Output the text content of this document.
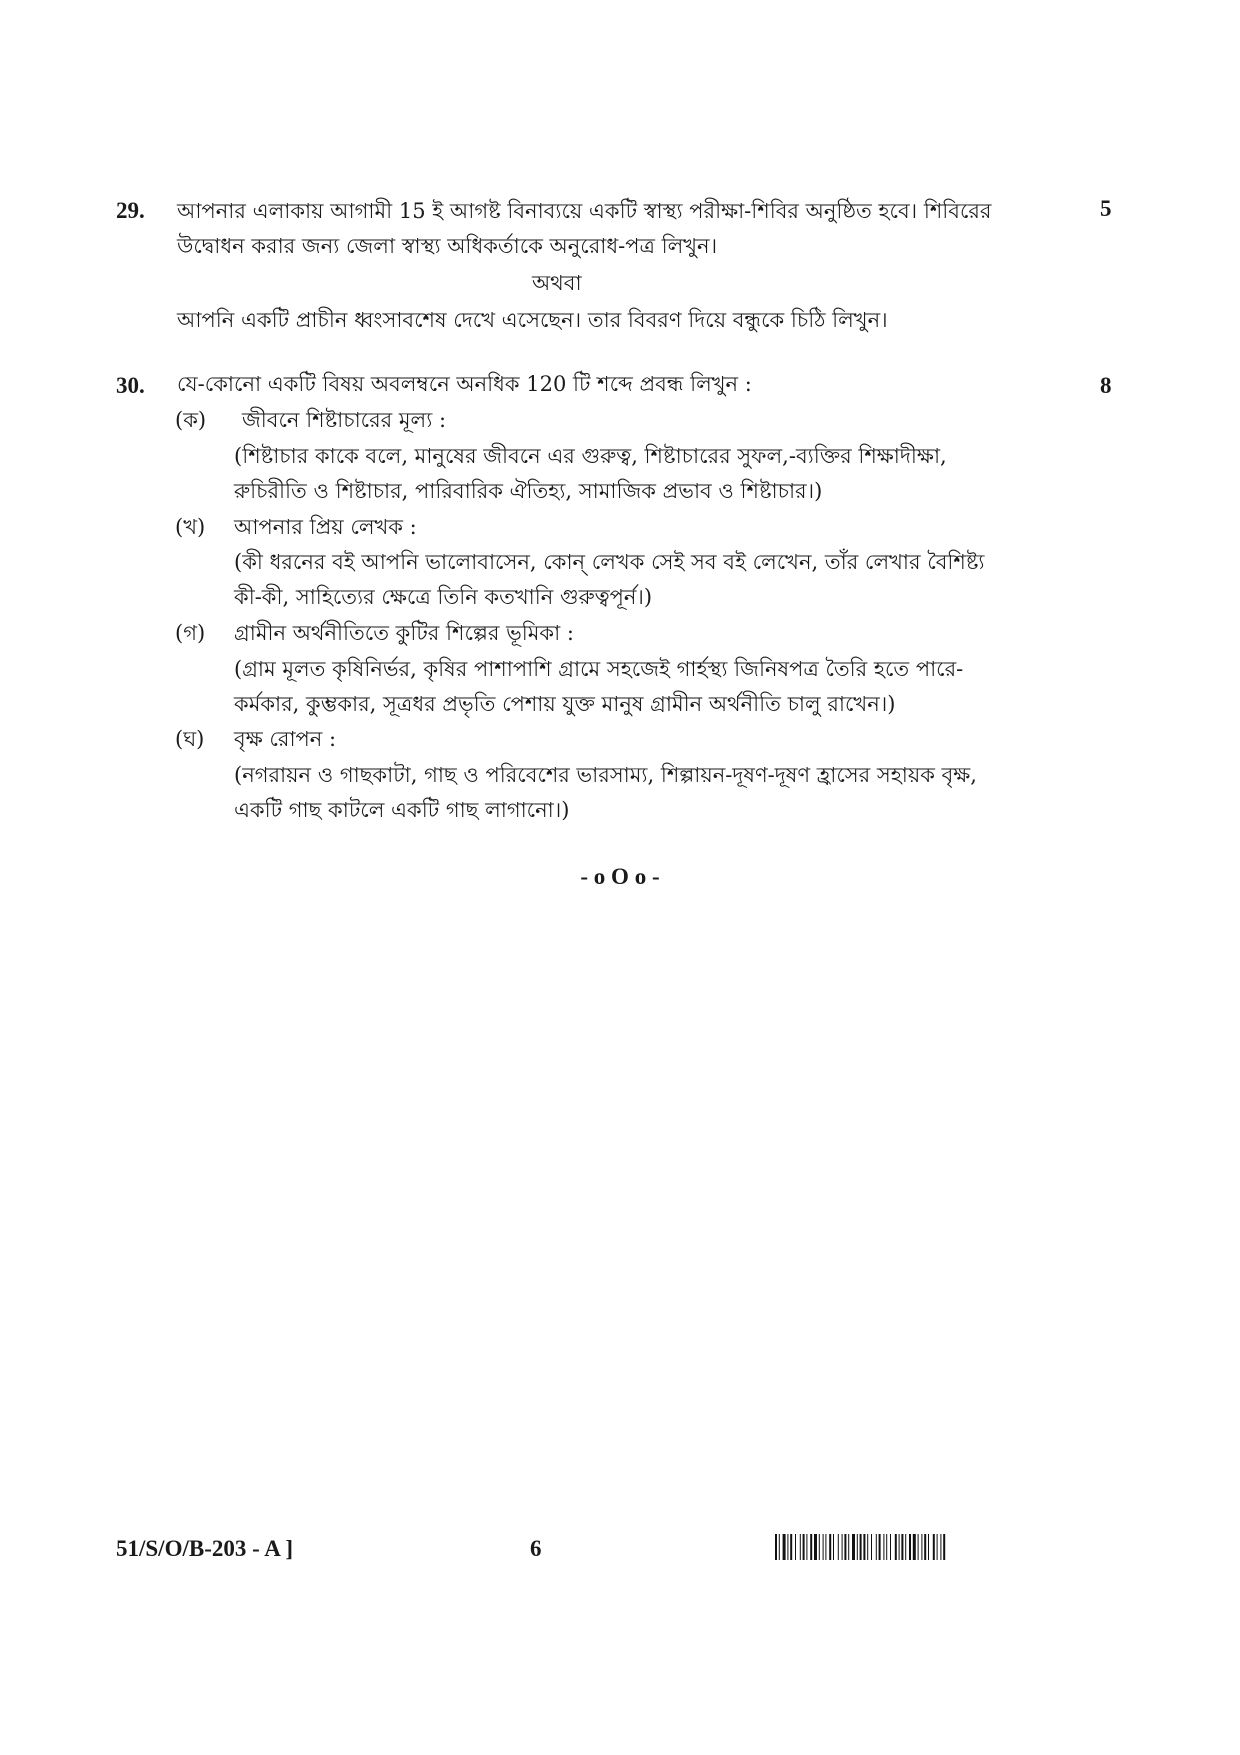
29.	5
আপনার এলাকায় আগামী 15 ই আগষ্ট বিনাব্যয়ে একটি স্বাস্থ্য পরীক্ষা-শিবির অনুষ্ঠিত হবে। শিবিরের
উদ্বোধন করার জন্য জেলা স্বাস্থ্য অধিকর্তাকে অনুরোধ-পত্র লিখুন।
অথবা
আপনি একটি প্রাচীন ধ্বংসাবশেষ দেখে এসেছেন। তার বিবরণ দিয়ে বন্ধুকে চিঠি লিখুন।
30.	8
যে-কোনো একটি বিষয় অবলম্বনে অনধিক 120 টি শব্দে প্রবন্ধ লিখুন :
(ক) জীবনে শিষ্টাচারের মূল্য :
(শিষ্টাচার কাকে বলে, মানুষের জীবনে এর গুরুত্ব, শিষ্টাচারের সুফল,-ব্যক্তির শিক্ষাদীক্ষা,
রুচিরীতি ও শিষ্টাচার, পারিবারিক ঐতিহ্য, সামাজিক প্রভাব ও শিষ্টাচার।)
(খ) আপনার প্রিয় লেখক :
(কী ধরনের বই আপনি ভালোবাসেন, কোন্‌ লেখক সেই সব বই লেখেন, তাঁর লেখার বৈশিষ্ট্য
কী-কী, সাহিত্যের ক্ষেত্রে তিনি কতখানি গুরুত্বপূর্ন।)
(গ) গ্রামীন অর্থনীতিতে কুটির শিল্পের ভূমিকা :
(গ্রাম মূলত কৃষিনির্ভর, কৃষির পাশাপাশি গ্রামে সহজেই গার্হস্থ্য জিনিষপত্র তৈরি হতে পারে-
কর্মকার, কুম্ভকার, সূত্রধর প্রভৃতি পেশায় যুক্ত মানুষ গ্রামীন অর্থনীতি চালু রাখেন।)
(ঘ) বৃক্ষ রোপন :
(নগরায়ন ও গাছকাটা, গাছ ও পরিবেশের ভারসাম্য, শিল্পায়ন-দূষণ-দূষণ হ্রাসের সহায়ক বৃক্ষ,
একটি গাছ কাটলে একটি গাছ লাগানো।)
- o O o -
51/S/O/B-203 - A ]	6
